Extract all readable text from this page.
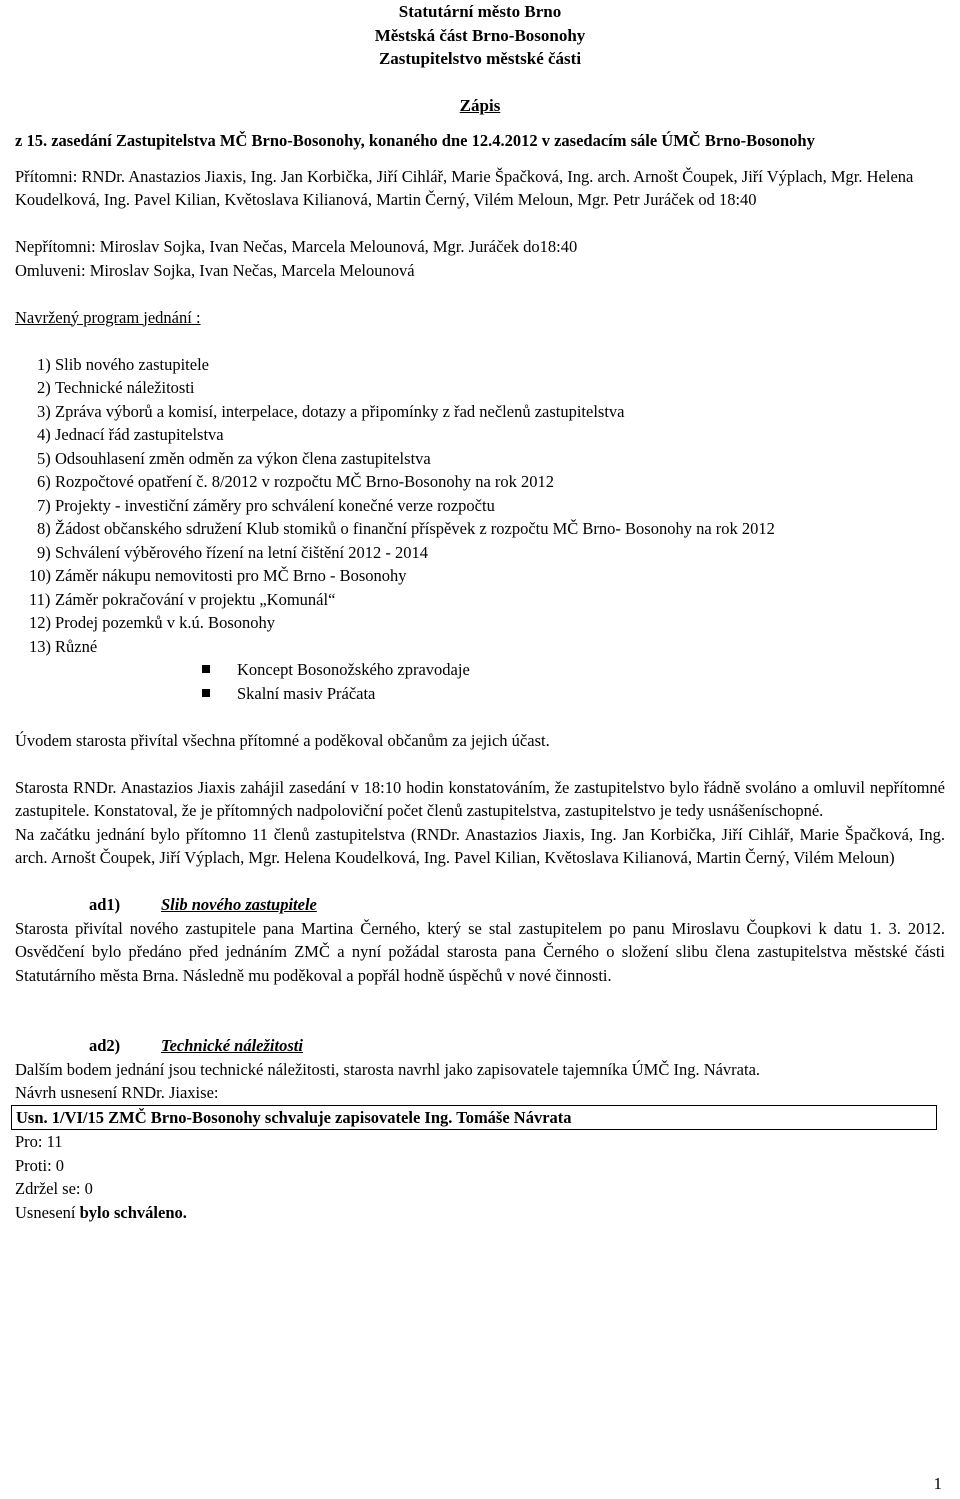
Statutární město Brno
Městská část Brno-Bosonohy
Zastupitelstvo městské části
Zápis

z 15. zasedání Zastupitelstva MČ Brno-Bosonohy, konaného dne 12.4.2012 v zasedacím sále ÚMČ Brno-Bosonohy

Přítomni: RNDr. Anastazios Jiaxis, Ing. Jan Korbička, Jiří Cihlář, Marie Špačková, Ing. arch. Arnošt Čoupek, Jiří Výplach, Mgr. Helena Koudelková, Ing. Pavel Kilian, Květoslava Kilianová, Martin Černý, Vilém Meloun, Mgr. Petr Juráček od 18:40

Nepřítomni: Miroslav Sojka, Ivan Nečas, Marcela Melounová, Mgr. Juráček do18:40

Omluveni: Miroslav Sojka, Ivan Nečas, Marcela Melounová

Navržený program jednání :

1) Slib nového zastupitele
2) Technické náležitosti
3) Zpráva výborů a komisí, interpelace, dotazy a připomínky z řad nečlenů zastupitelstva
4) Jednací řád zastupitelstva
5) Odsouhlasení změn odměn za výkon člena zastupitelstva
6) Rozpočtové opatření č. 8/2012 v rozpočtu MČ Brno-Bosonohy na rok 2012
7) Projekty - investiční záměry pro schválení konečné verze rozpočtu
8) Žádost občanského sdružení Klub stomiků o finanční příspěvek z rozpočtu MČ Brno- Bosonohy na rok 2012
9) Schválení výběrového řízení na letní čištění 2012 - 2014
10) Záměr nákupu nemovitosti pro MČ Brno - Bosonohy
11) Záměr pokračování v projektu „Komunál“
12) Prodej pozemků v k.ú. Bosonohy
13) Různé
Koncept Bosonožského zpravodaje
Skalní masiv Práčata

Úvodem starosta přivítal všechna přítomné a poděkoval občanům za jejich účast.

Starosta RNDr. Anastazios Jiaxis zahájil zasedání v 18:10 hodin konstatováním, že zastupitelstvo bylo řádně svoláno a omluvil nepřítomné zastupitele. Konstatoval, že je přítomných nadpoloviční počet členů zastupitelstva, zastupitelstvo je tedy usnášeníschopné.

Na začátku jednání bylo přítomno 11 členů zastupitelstva (RNDr. Anastazios Jiaxis, Ing. Jan Korbička, Jiří Cihlář, Marie Špačková, Ing. arch. Arnošt Čoupek, Jiří Výplach, Mgr. Helena Koudelková, Ing. Pavel Kilian, Květoslava Kilianová, Martin Černý, Vilém Meloun)

ad1) Slib nového zastupitele

Starosta přivítal nového zastupitele pana Martina Černého, který se stal zastupitelem po panu Miroslavu Čoupkovi k datu 1. 3. 2012. Osvědčení bylo předáno před jednáním ZMČ a nyní požádal starosta pana Černého o složení slibu člena zastupitelstva městské části Statutárního města Brna. Následně mu poděkoval a popřál hodně úspěchů v nové činnosti.

ad2) Technické náležitosti

Dalším bodem jednání jsou technické náležitosti, starosta navrhl jako zapisovatele tajemníka ÚMČ Ing. Návrata.

Návrh usnesení RNDr. Jiaxise:

Usn. 1/VI/15 ZMČ Brno-Bosonohy schvaluje zapisovatele Ing. Tomáše Návrata

Pro: 11

Proti: 0

Zdržel se: 0

Usnesení bylo schváleno.

1
